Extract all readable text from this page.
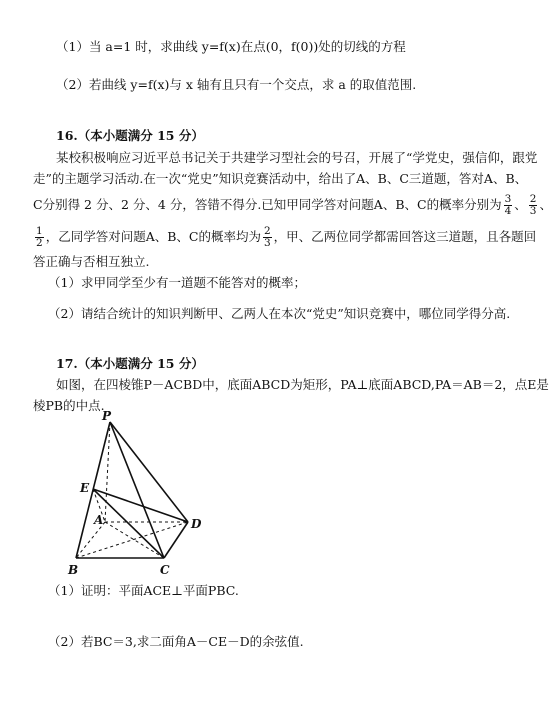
（1）当 a=1 时，求曲线 y=f(x)在点(0，f(0))处的切线的方程
（2）若曲线 y=f(x)与 x 轴有且只有一个交点，求 a 的取值范围.
16.（本小题满分 15 分）
某校积极响应习近平总书记关于共建学习型社会的号召，开展了“学党史，强信仰，跟党
走”的主题学习活动.在一次“党史”知识竞赛活动中，给出了A、B、C三道题，答对A、B、
C分别得 2 分、2 分、4 分，答错不得分.已知甲同学答对问题A、B、C的概率分别为 $\frac{3}{4}$ 、 $\frac{2}{3}$ 、
$\frac{1}{2}$ ，乙同学答对问题A、B、C的概率均为 $\frac{2}{3}$ ，甲、乙两位同学都需回答这三道题，且各题回
答正确与否相互独立.
（1）求甲同学至少有一道题不能答对的概率；
（2）请结合统计的知识判断甲、乙两人在本次“党史”知识竞赛中，哪位同学得分高.
17.（本小题满分 15 分）
如图，在四棱锥P－ACBD中，底面ABCD为矩形，PA⊥底面ABCD,PA＝AB＝2，点E是
棱PB的中点.
P
E
A	D
B	C
（1）证明：平面ACE⊥平面PBC.
（2）若BC＝3,求二面角A－CE－D的余弦值.
